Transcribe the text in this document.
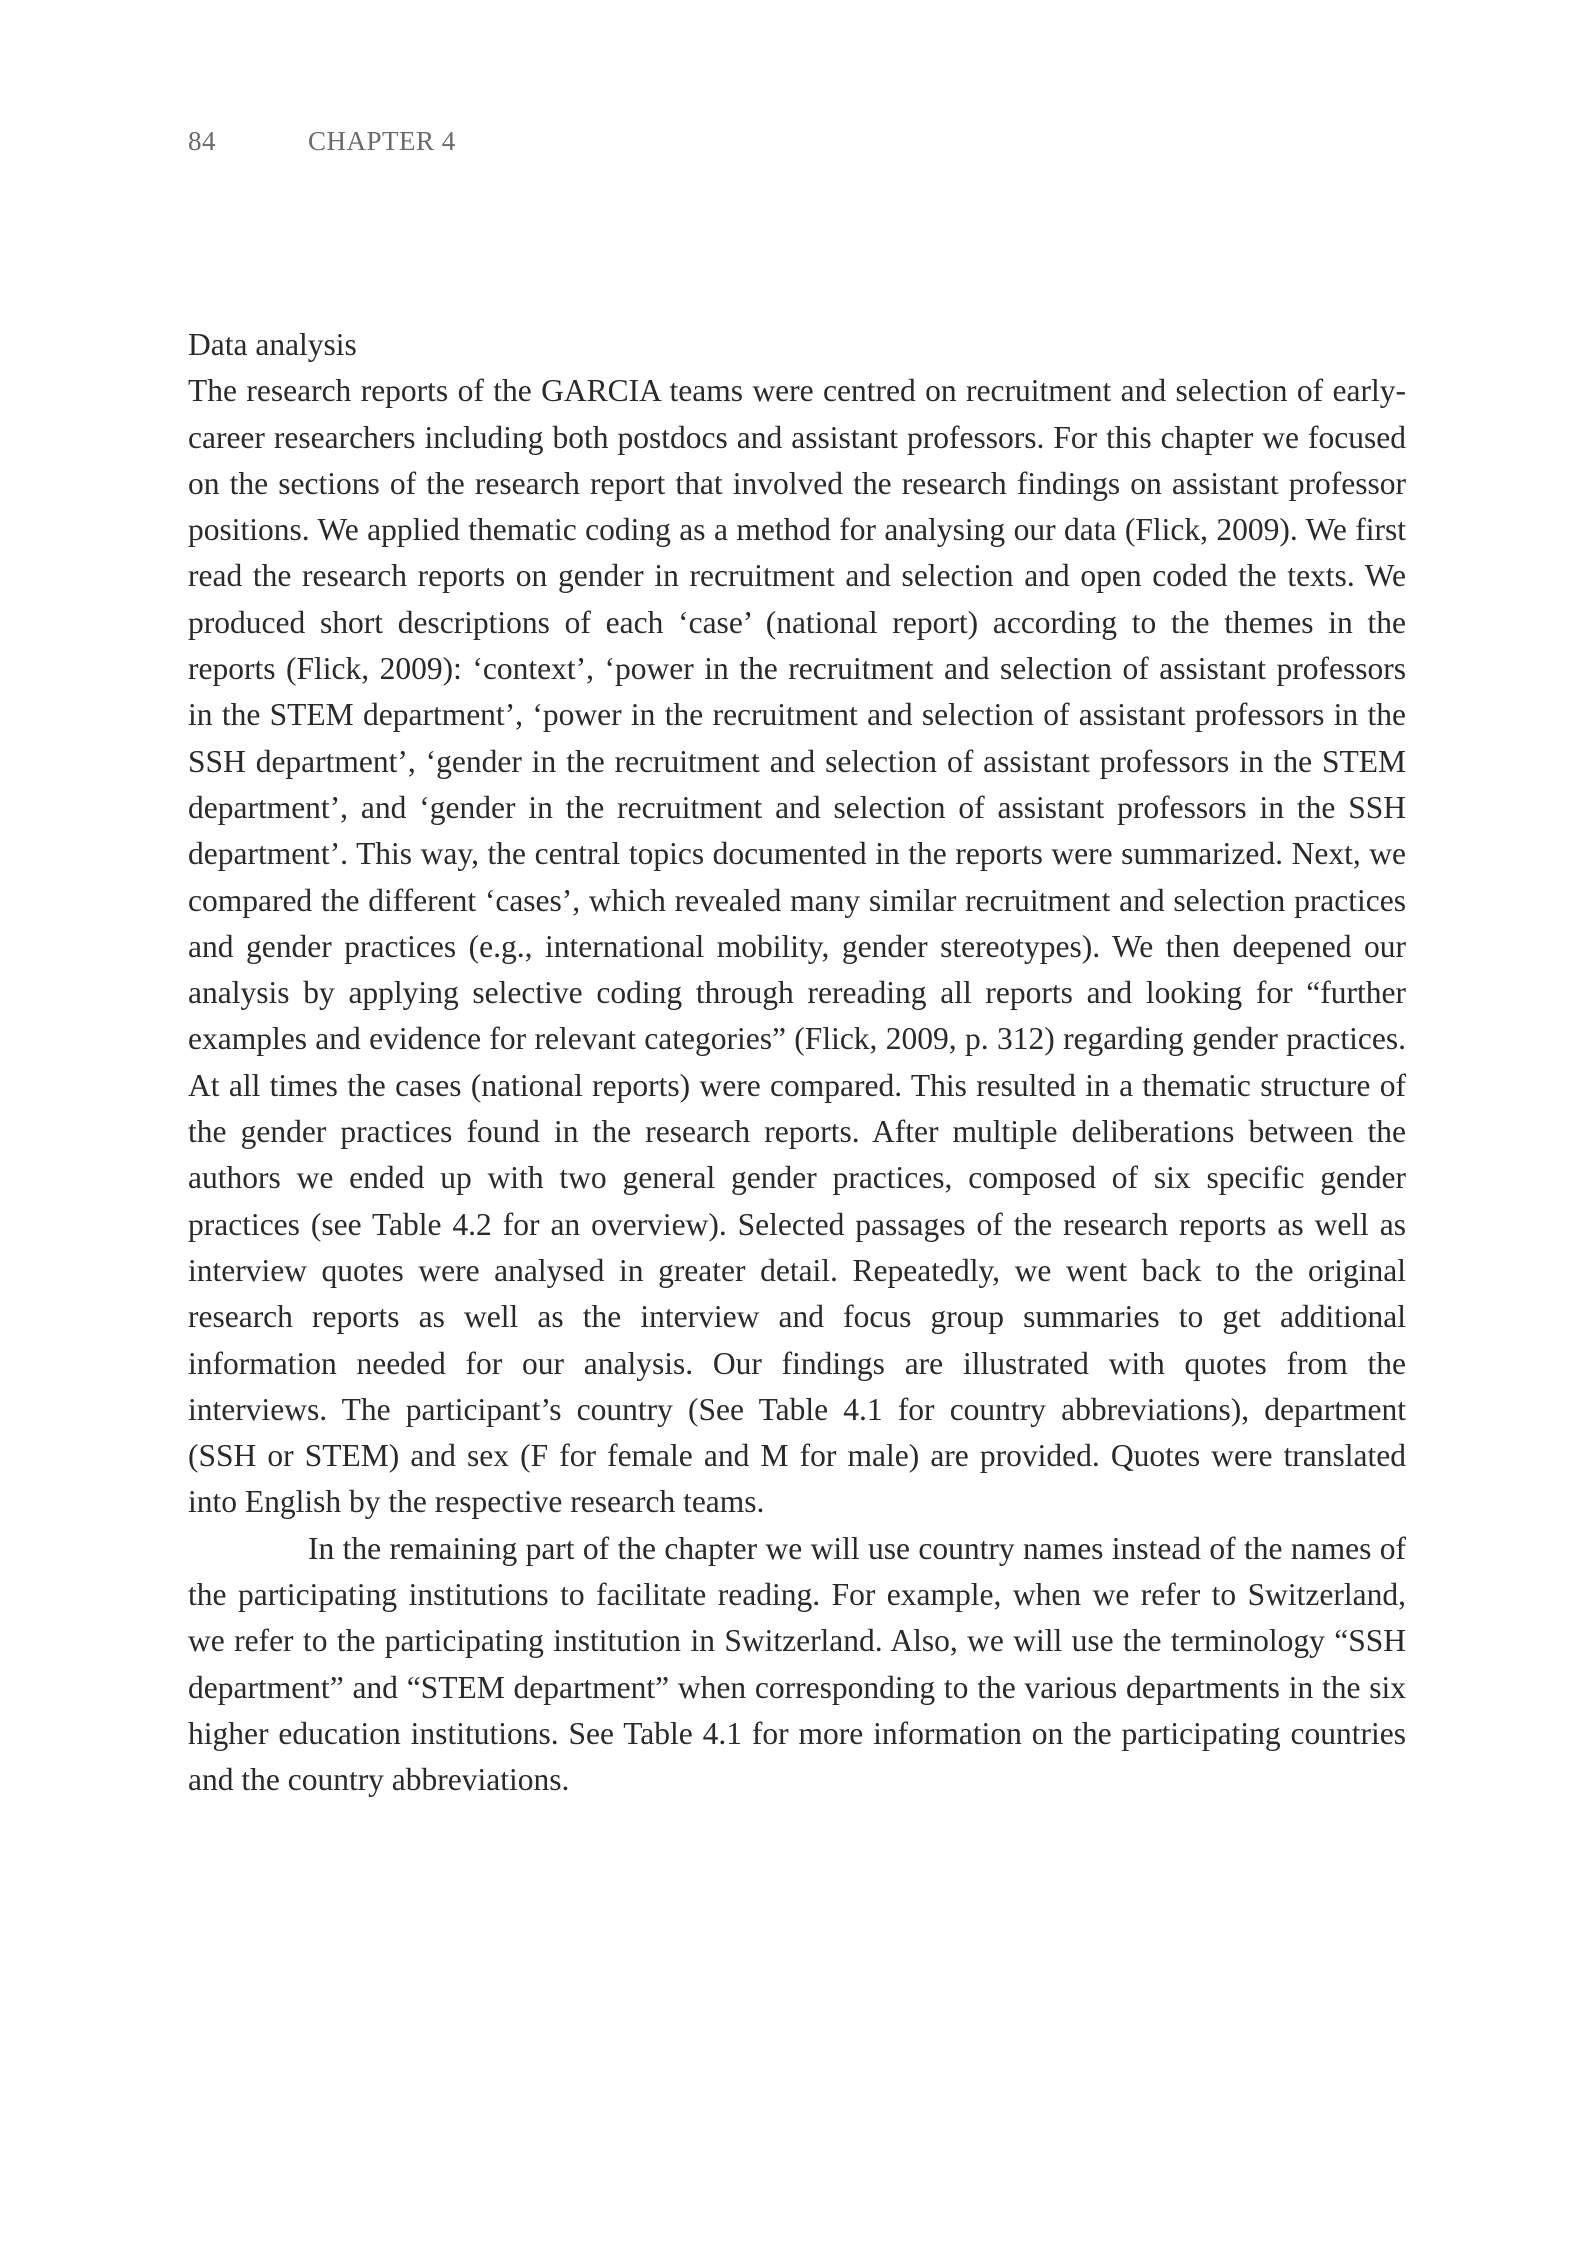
84	CHAPTER 4
Data analysis

The research reports of the GARCIA teams were centred on recruitment and selection of early-career researchers including both postdocs and assistant professors. For this chapter we focused on the sections of the research report that involved the research findings on assistant professor positions. We applied thematic coding as a method for analysing our data (Flick, 2009). We first read the research reports on gender in recruitment and selection and open coded the texts. We produced short descriptions of each ‘case’ (national report) according to the themes in the reports (Flick, 2009): ‘context’, ‘power in the recruitment and selection of assistant professors in the STEM department’, ‘power in the recruitment and selection of assistant professors in the SSH department’, ‘gender in the recruitment and selection of assistant professors in the STEM department’, and ‘gender in the recruitment and selection of assistant professors in the SSH department’. This way, the central topics documented in the reports were summarized. Next, we compared the different ‘cases’, which revealed many similar recruitment and selection practices and gender practices (e.g., international mobility, gender stereotypes). We then deepened our analysis by applying selective coding through rereading all reports and looking for “further examples and evidence for relevant categories” (Flick, 2009, p. 312) regarding gender practices. At all times the cases (national reports) were compared. This resulted in a thematic structure of the gender practices found in the research reports. After multiple deliberations between the authors we ended up with two general gender practices, composed of six specific gender practices (see Table 4.2 for an overview). Selected passages of the research reports as well as interview quotes were analysed in greater detail. Repeatedly, we went back to the original research reports as well as the interview and focus group summaries to get additional information needed for our analysis. Our findings are illustrated with quotes from the interviews. The participant’s country (See Table 4.1 for country abbreviations), department (SSH or STEM) and sex (F for female and M for male) are provided. Quotes were translated into English by the respective research teams.

In the remaining part of the chapter we will use country names instead of the names of the participating institutions to facilitate reading. For example, when we refer to Switzerland, we refer to the participating institution in Switzerland. Also, we will use the terminology “SSH department” and “STEM department” when corresponding to the various departments in the six higher education institutions. See Table 4.1 for more information on the participating countries and the country abbreviations.
